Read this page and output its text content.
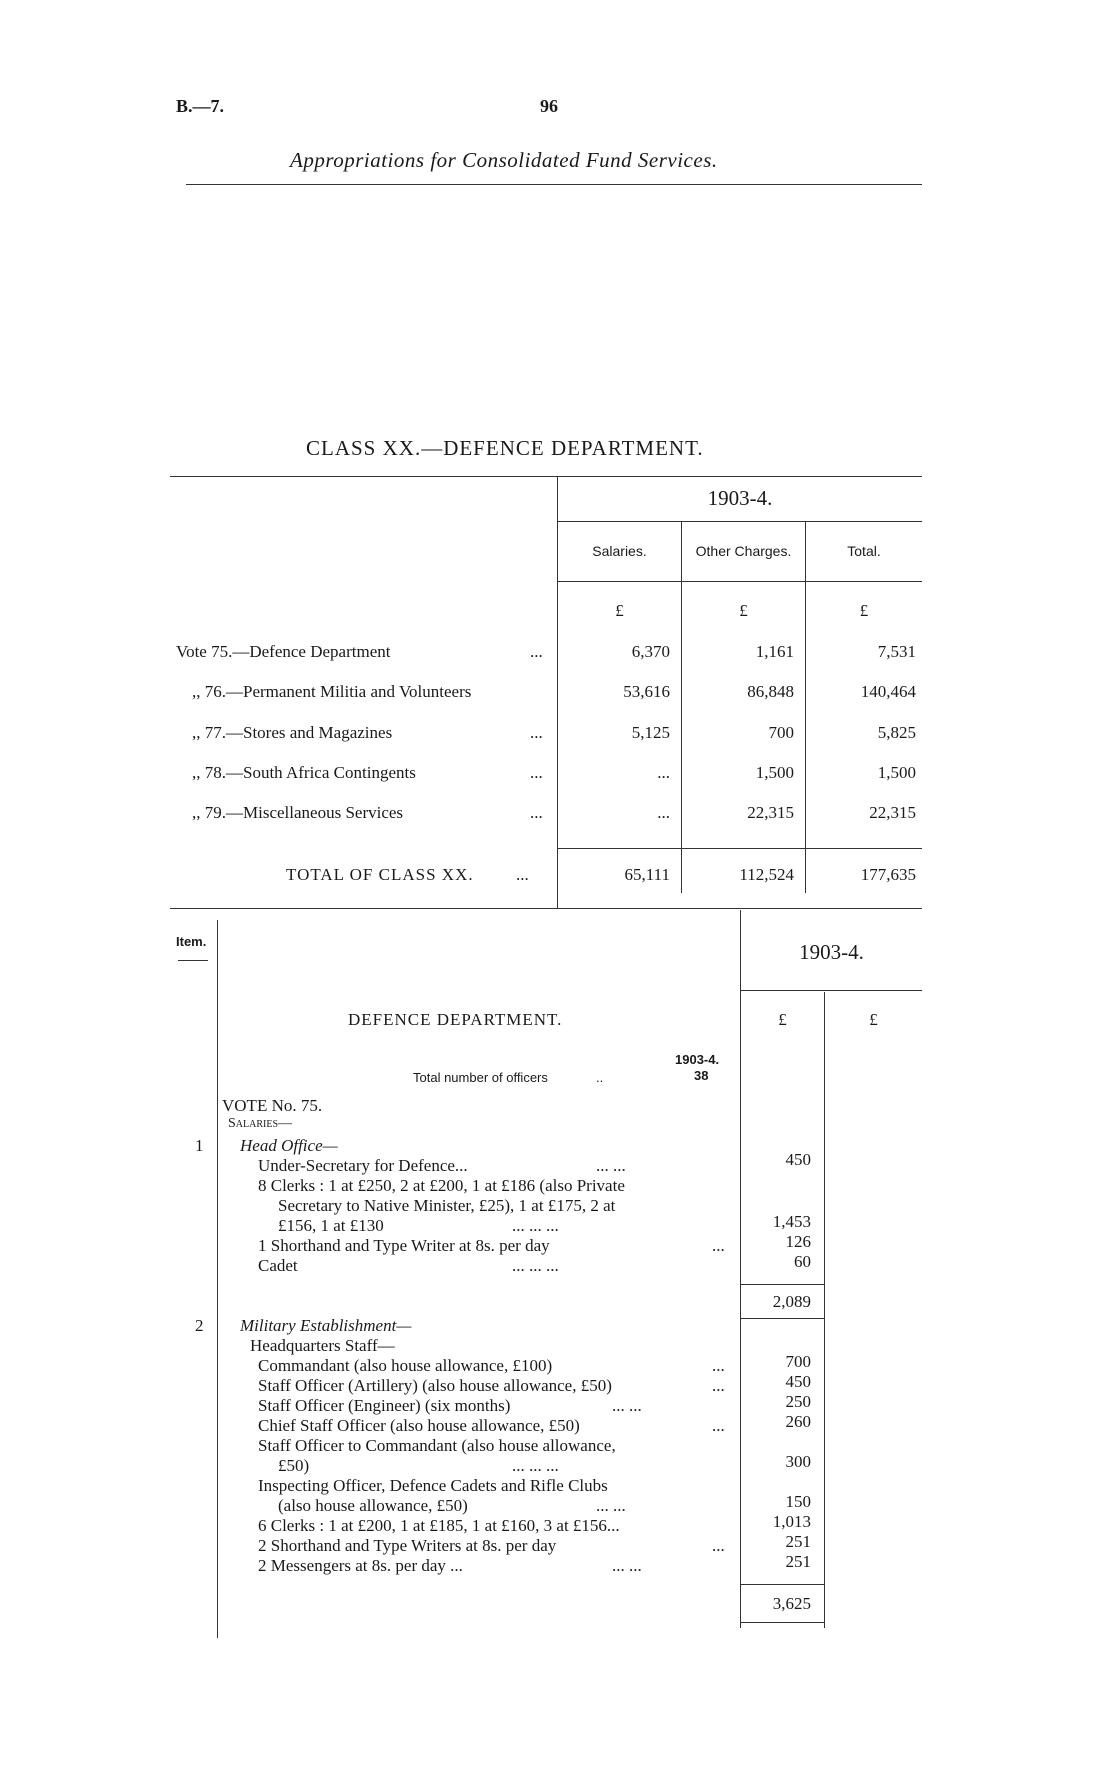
B.—7.	96
Appropriations for Consolidated Fund Services.
CLASS XX.—DEFENCE DEPARTMENT.
1903-4.
Salaries.	Other Charges.	Total.
£	£	£
Vote 75.—Defence Department	...	6,370	1,161	7,531
,, 76.—Permanent Militia and Volunteers	53,616	86,848	140,464
,, 77.—Stores and Magazines	...	5,125	700	5,825
,, 78.—South Africa Contingents	...	...	1,500	1,500
,, 79.—Miscellaneous Services	...	...	22,315	22,315
TOTAL OF CLASS XX. ...	65,111	112,524	177,635
Item.	1903-4.
£	£
DEFENCE DEPARTMENT.
1903-4.
Total number of officers	..	38
VOTE No. 75.
Salaries—
1 Head Office—
Under-Secretary for Defence...	... ...	450
8 Clerks : 1 at £250, 2 at £200, 1 at £186 (also Private
Secretary to Native Minister, £25), 1 at £175, 2 at
£156, 1 at £130	... ... ...	1,453
1 Shorthand and Type Writer at 8s. per day	...	126
Cadet	... ... ...	60
2,089
2 Military Establishment—
Headquarters Staff—
Commandant (also house allowance, £100)	...	700
Staff Officer (Artillery) (also house allowance, £50)	...	450
Staff Officer (Engineer) (six months)	... ...	250
Chief Staff Officer (also house allowance, £50)	...	260
Staff Officer to Commandant (also house allowance,
£50)	... ... ...	300
Inspecting Officer, Defence Cadets and Rifle Clubs
(also house allowance, £50)	... ...	150
6 Clerks : 1 at £200, 1 at £185, 1 at £160, 3 at £156...	1,013
2 Shorthand and Type Writers at 8s. per day	...	251
2 Messengers at 8s. per day ...	... ...	251
3,625
